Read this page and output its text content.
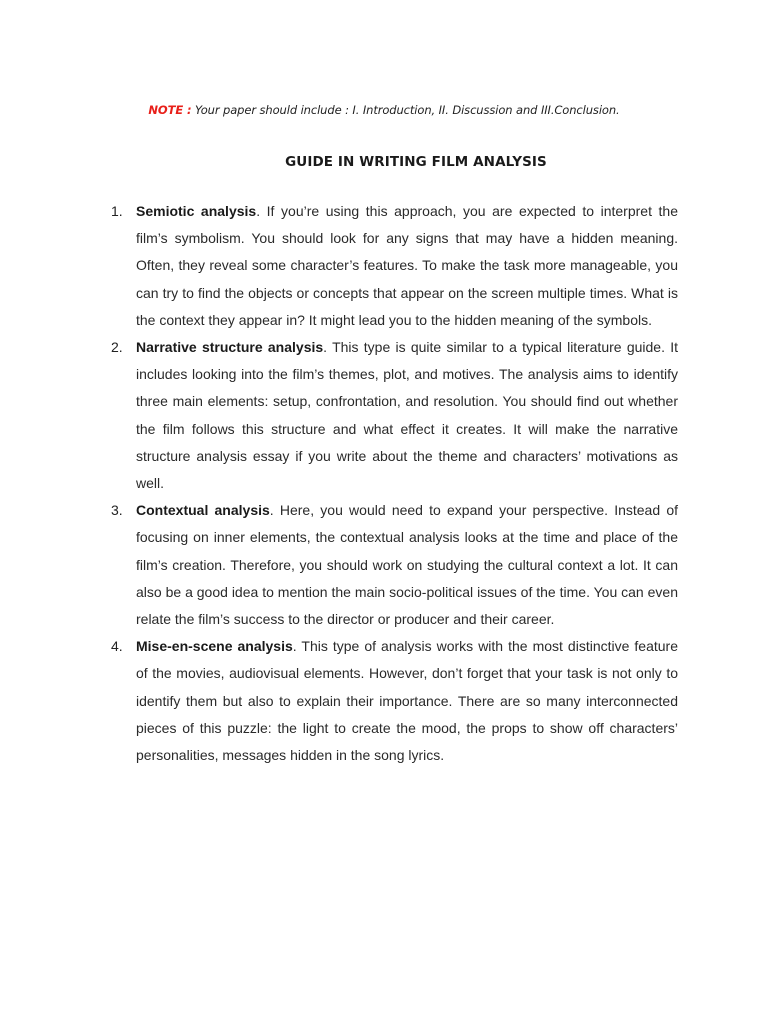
NOTE : Your paper should include : I. Introduction, II. Discussion and III.Conclusion.
GUIDE IN WRITING FILM ANALYSIS
1. Semiotic analysis. If you’re using this approach, you are expected to interpret the film’s symbolism. You should look for any signs that may have a hidden meaning. Often, they reveal some character’s features. To make the task more manageable, you can try to find the objects or concepts that appear on the screen multiple times. What is the context they appear in? It might lead you to the hidden meaning of the symbols.
2. Narrative structure analysis. This type is quite similar to a typical literature guide. It includes looking into the film’s themes, plot, and motives. The analysis aims to identify three main elements: setup, confrontation, and resolution. You should find out whether the film follows this structure and what effect it creates. It will make the narrative structure analysis essay if you write about the theme and characters’ motivations as well.
3. Contextual analysis. Here, you would need to expand your perspective. Instead of focusing on inner elements, the contextual analysis looks at the time and place of the film’s creation. Therefore, you should work on studying the cultural context a lot. It can also be a good idea to mention the main socio-political issues of the time. You can even relate the film’s success to the director or producer and their career.
4. Mise-en-scene analysis. This type of analysis works with the most distinctive feature of the movies, audiovisual elements. However, don’t forget that your task is not only to identify them but also to explain their importance. There are so many interconnected pieces of this puzzle: the light to create the mood, the props to show off characters’ personalities, messages hidden in the song lyrics.
